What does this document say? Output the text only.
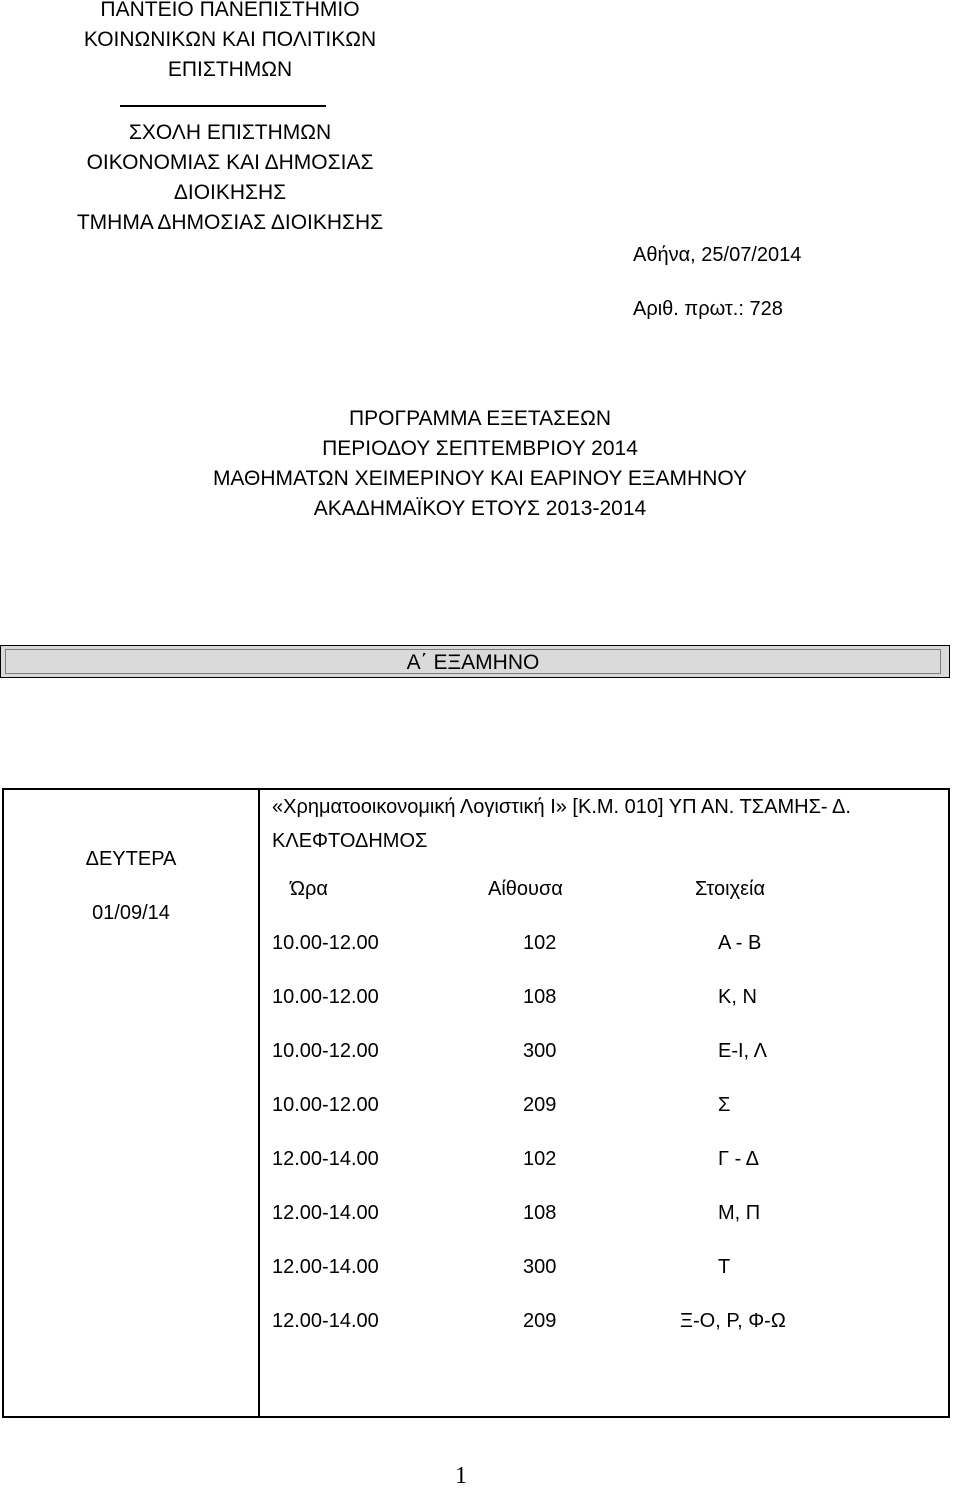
ΠΑΝΤΕΙΟ ΠΑΝΕΠΙΣΤΗΜΙΟ
ΚΟΙΝΩΝΙΚΩΝ ΚΑΙ ΠΟΛΙΤΙΚΩΝ
ΕΠΙΣΤΗΜΩΝ
ΣΧΟΛΗ ΕΠΙΣΤΗΜΩΝ
ΟΙΚΟΝΟΜΙΑΣ ΚΑΙ ΔΗΜΟΣΙΑΣ
ΔΙΟΙΚΗΣΗΣ
ΤΜΗΜΑ ΔΗΜΟΣΙΑΣ ΔΙΟΙΚΗΣΗΣ
Αθήνα, 25/07/2014
Αριθ. πρωτ.: 728
ΠΡΟΓΡΑΜΜΑ ΕΞΕΤΑΣΕΩΝ
ΠΕΡΙΟΔΟΥ ΣΕΠΤΕΜΒΡΙΟΥ 2014
ΜΑΘΗΜΑΤΩΝ ΧΕΙΜΕΡΙΝΟΥ ΚΑΙ ΕΑΡΙΝΟΥ ΕΞΑΜΗΝΟΥ
ΑΚΑΔΗΜΑΪΚΟΥ ΕΤΟΥΣ 2013-2014
Α΄ ΕΞΑΜΗΝΟ
ΔΕΥΤΕΡΑ
01/09/14
«Χρηματοοικονομική Λογιστική Ι» [Κ.Μ. 010] ΥΠ ΑΝ. ΤΣΑΜΗΣ- Δ.
ΚΛΕΦΤΟΔΗΜΟΣ
Ώρα	Αίθουσα	Στοιχεία
10.00-12.00	102	Α - Β
10.00-12.00	108	Κ, Ν
10.00-12.00	300	Ε-Ι, Λ
10.00-12.00	209	Σ
12.00-14.00	102	Γ - Δ
12.00-14.00	108	Μ, Π
12.00-14.00	300	Τ
12.00-14.00	209	Ξ-Ο, Ρ, Φ-Ω
1
